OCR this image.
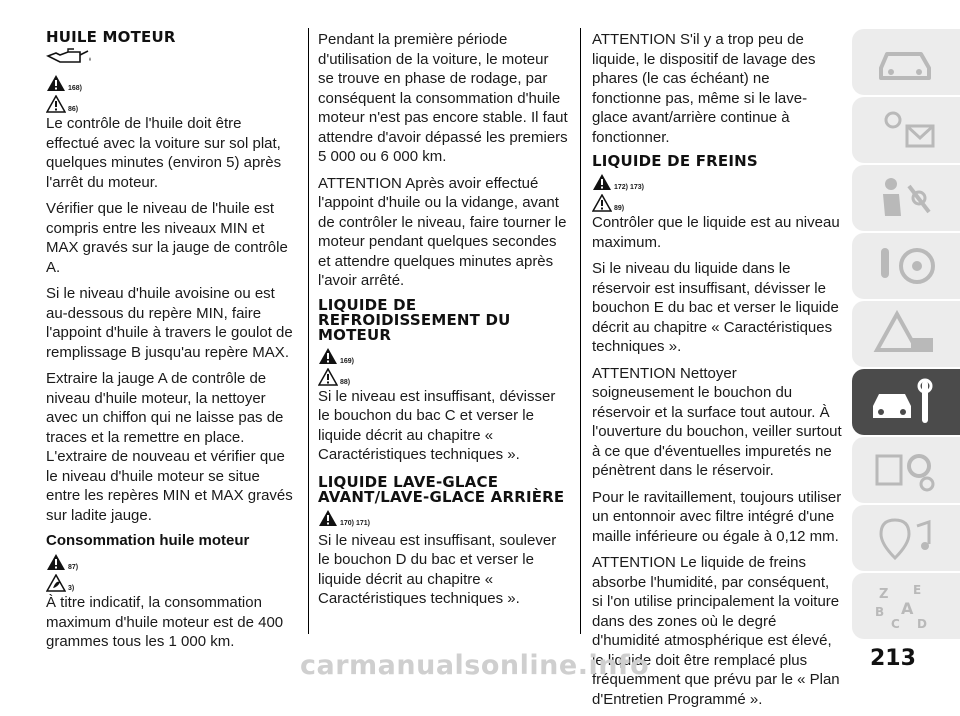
HUILE MOTEUR
168)
86)

Le contrôle de l'huile doit être effectué avec la voiture sur sol plat, quelques minutes (environ 5) après l'arrêt du moteur.

Vérifier que le niveau de l'huile est compris entre les niveaux MIN et MAX gravés sur la jauge de contrôle A.

Si le niveau d'huile avoisine ou est au-dessous du repère MIN, faire l'appoint d'huile à travers le goulot de remplissage B jusqu'au repère MAX.

Extraire la jauge A de contrôle de niveau d'huile moteur, la nettoyer avec un chiffon qui ne laisse pas de traces et la remettre en place. L'extraire de nouveau et vérifier que le niveau d'huile moteur se situe entre les repères MIN et MAX gravés sur ladite jauge.

Consommation huile moteur
87)
3)

À titre indicatif, la consommation maximum d'huile moteur est de 400 grammes tous les 1 000 km.

Pendant la première période d'utilisation de la voiture, le moteur se trouve en phase de rodage, par conséquent la consommation d'huile moteur n'est pas encore stable. Il faut attendre d'avoir dépassé les premiers 5 000 ou 6 000 km.

ATTENTION Après avoir effectué l'appoint d'huile ou la vidange, avant de contrôler le niveau, faire tourner le moteur pendant quelques secondes et attendre quelques minutes après l'avoir arrêté.

LIQUIDE DE REFROIDISSEMENT DU MOTEUR
169)
88)

Si le niveau est insuffisant, dévisser le bouchon du bac C et verser le liquide décrit au chapitre « Caractéristiques techniques ».

LIQUIDE LAVE-GLACE AVANT/LAVE-GLACE ARRIÈRE
170) 171)

Si le niveau est insuffisant, soulever le bouchon D du bac et verser le liquide décrit au chapitre « Caractéristiques techniques ».

ATTENTION S'il y a trop peu de liquide, le dispositif de lavage des phares (le cas échéant) ne fonctionne pas, même si le lave-glace avant/arrière continue à fonctionner.

LIQUIDE DE FREINS
172) 173)
89)

Contrôler que le liquide est au niveau maximum.

Si le niveau du liquide dans le réservoir est insuffisant, dévisser le bouchon E du bac et verser le liquide décrit au chapitre « Caractéristiques techniques ».

ATTENTION Nettoyer soigneusement le bouchon du réservoir et la surface tout autour. À l'ouverture du bouchon, veiller surtout à ce que d'éventuelles impuretés ne pénètrent dans le réservoir.

Pour le ravitaillement, toujours utiliser un entonnoir avec filtre intégré d'une maille inférieure ou égale à 0,12 mm.

ATTENTION Le liquide de freins absorbe l'humidité, par conséquent, si l'on utilise principalement la voiture dans des zones où le degré d'humidité atmosphérique est élevé, le liquide doit être remplacé plus fréquemment que prévu par le « Plan d'Entretien Programmé ».

Z E
B A
C D
carmanualsonline.info	213
